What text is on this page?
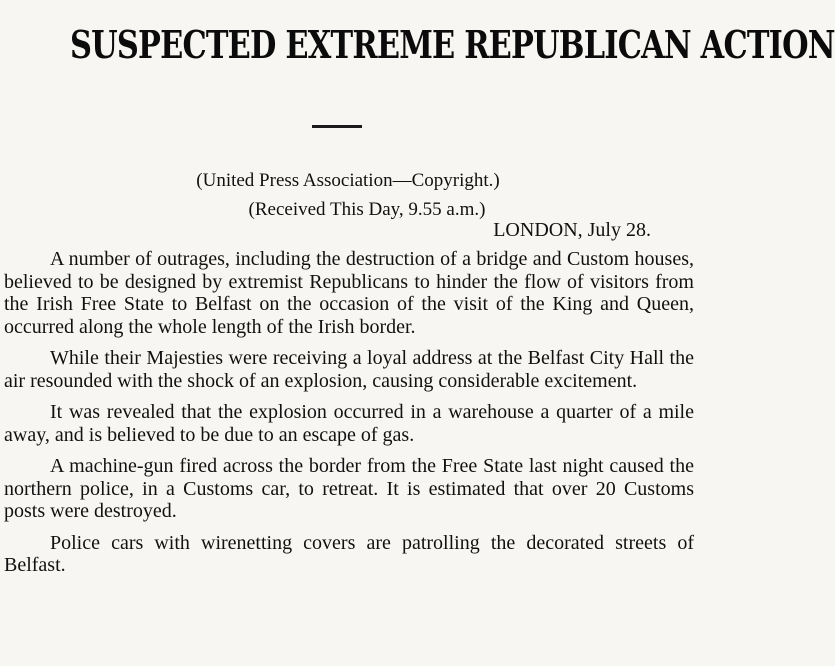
SUSPECTED EXTREME REPUBLICAN ACTION
(United Press Association—Copyright.)
(Received This Day, 9.55 a.m.)
LONDON, July 28.

A number of outrages, including the destruction of a bridge and Custom houses, believed to be designed by extremist Republicans to hinder the flow of visitors from the Irish Free State to Belfast on the occasion of the visit of the King and Queen, occurred along the whole length of the Irish border.

While their Majesties were receiving a loyal address at the Belfast City Hall the air resounded with the shock of an explosion, causing considerable excitement.

It was revealed that the explosion occurred in a warehouse a quarter of a mile away, and is believed to be due to an escape of gas.

A machine-gun fired across the border from the Free State last night caused the northern police, in a Customs car, to retreat. It is estimated that over 20 Customs posts were destroyed.

Police cars with wirenetting covers are patrolling the decorated streets of Belfast.
